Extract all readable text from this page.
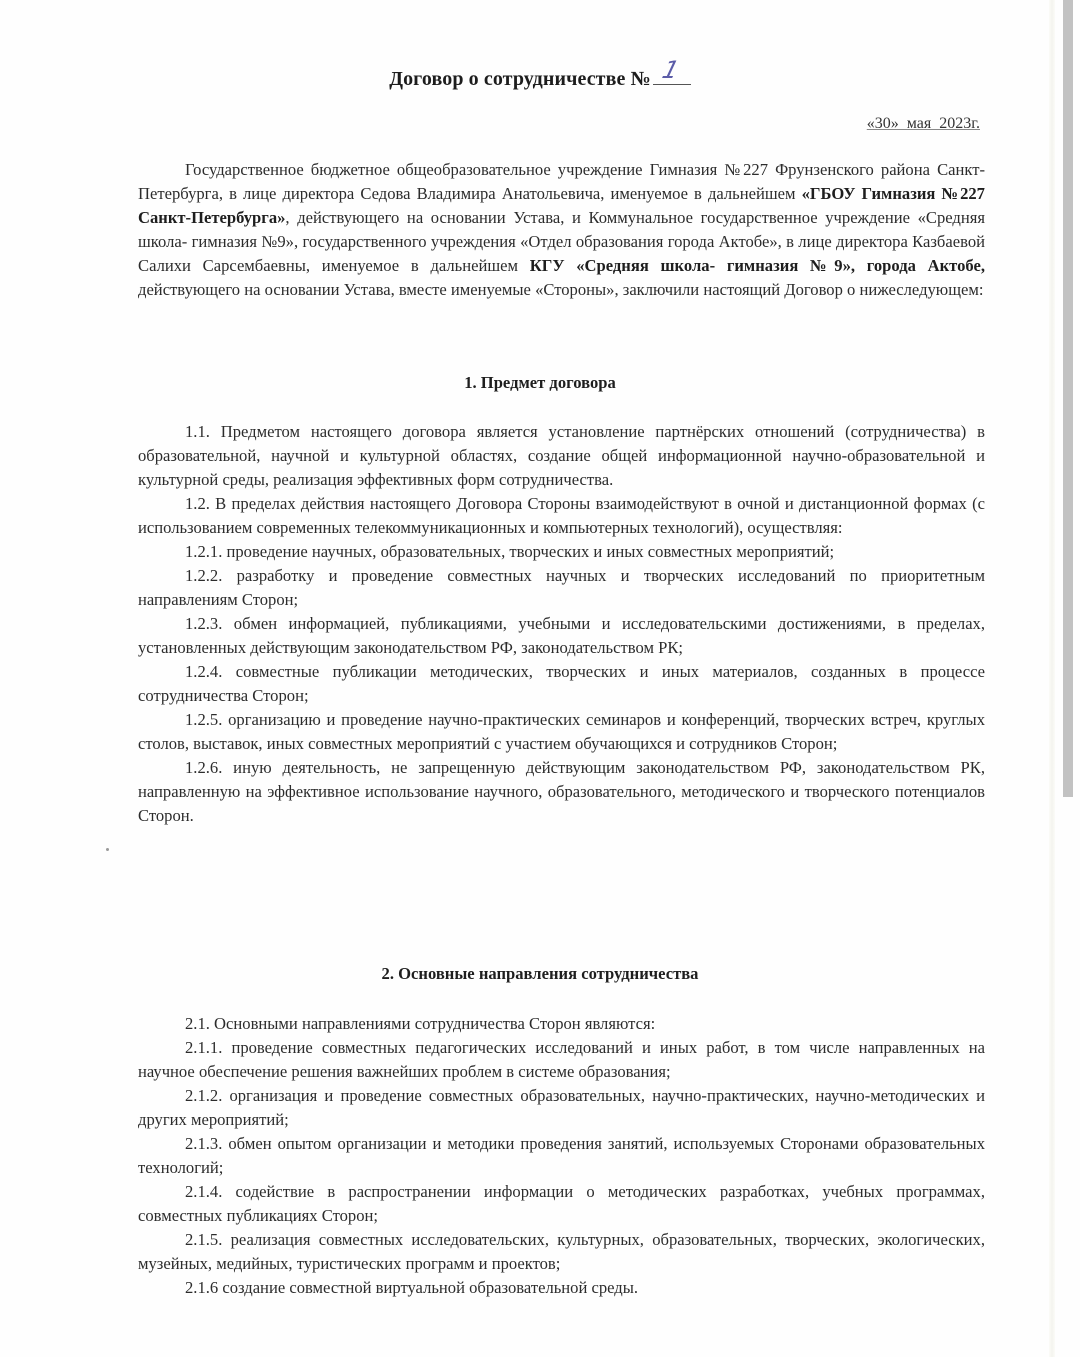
Договор о сотрудничестве № 1
«30» мая 2023г.

Государственное бюджетное общеобразовательное учреждение Гимназия №227 Фрунзенского района Санкт-Петербурга, в лице директора Седова Владимира Анатольевича, именуемое в дальнейшем «ГБОУ Гимназия №227 Санкт-Петербурга», действующего на основании Устава, и Коммунальное государственное учреждение «Средняя школа- гимназия №9», государственного учреждения «Отдел образования города Актобе», в лице директора Казбаевой Салихи Сарсембаевны, именуемое в дальнейшем КГУ «Средняя школа- гимназия №9», города Актобе, действующего на основании Устава, вместе именуемые «Стороны», заключили настоящий Договор о нижеследующем:

1. Предмет договора

1.1. Предметом настоящего договора является установление партнёрских отношений (сотрудничества) в образовательной, научной и культурной областях, создание общей информационной научно-образовательной и культурной среды, реализация эффективных форм сотрудничества.

1.2. В пределах действия настоящего Договора Стороны взаимодействуют в очной и дистанционной формах (с использованием современных телекоммуникационных и компьютерных технологий), осуществляя:

1.2.1. проведение научных, образовательных, творческих и иных совместных мероприятий;

1.2.2. разработку и проведение совместных научных и творческих исследований по приоритетным направлениям Сторон;

1.2.3. обмен информацией, публикациями, учебными и исследовательскими достижениями, в пределах, установленных действующим законодательством РФ, законодательством РК;

1.2.4. совместные публикации методических, творческих и иных материалов, созданных в процессе сотрудничества Сторон;

1.2.5. организацию и проведение научно-практических семинаров и конференций, творческих встреч, круглых столов, выставок, иных совместных мероприятий с участием обучающихся и сотрудников Сторон;

1.2.6. иную деятельность, не запрещенную действующим законодательством РФ, законодательством РК, направленную на эффективное использование научного, образовательного, методического и творческого потенциалов Сторон.

2. Основные направления сотрудничества

2.1. Основными направлениями сотрудничества Сторон являются:

2.1.1. проведение совместных педагогических исследований и иных работ, в том числе направленных на научное обеспечение решения важнейших проблем в системе образования;

2.1.2. организация и проведение совместных образовательных, научно-практических, научно-методических и других мероприятий;

2.1.3. обмен опытом организации и методики проведения занятий, используемых Сторонами образовательных технологий;

2.1.4. содействие в распространении информации о методических разработках, учебных программах, совместных публикациях Сторон;

2.1.5. реализация совместных исследовательских, культурных, образовательных, творческих, экологических, музейных, медийных, туристических программ и проектов;

2.1.6 создание совместной виртуальной образовательной среды.
